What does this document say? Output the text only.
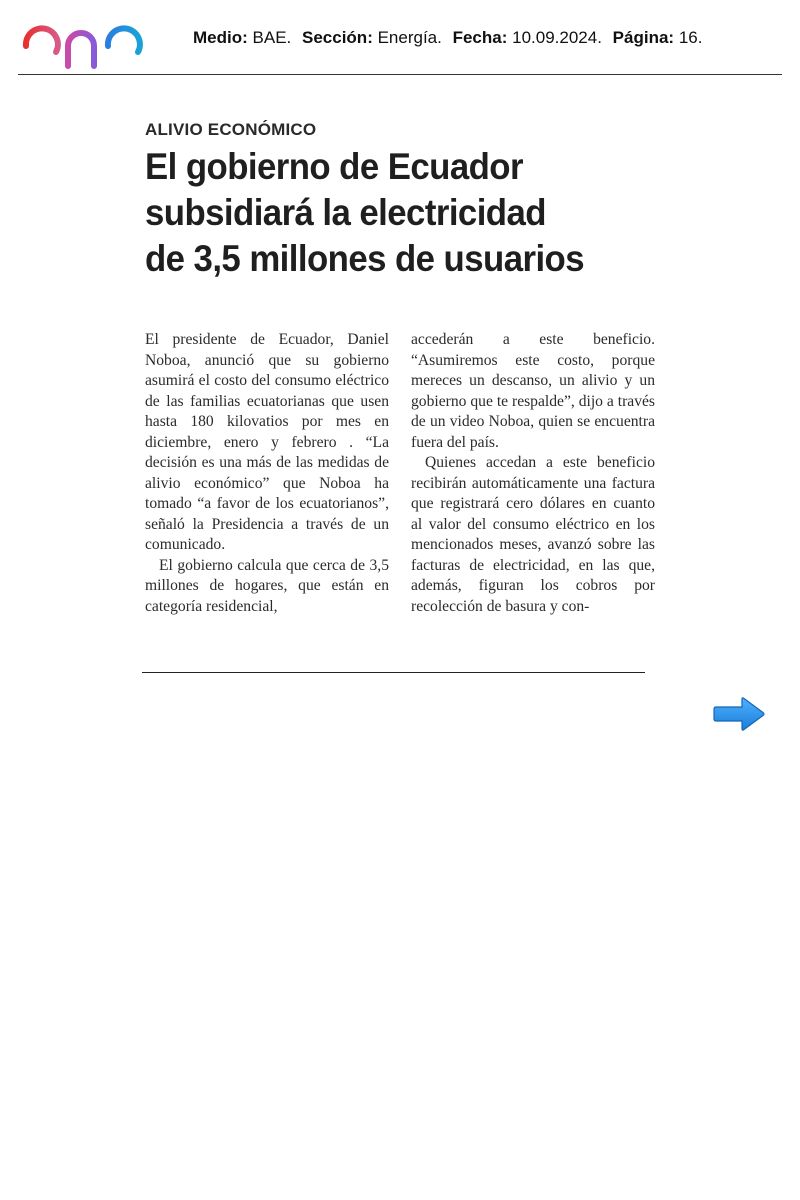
Medio: BAE. Sección: Energía. Fecha: 10.09.2024. Página: 16.

ALIVIO ECONÓMICO

El gobierno de Ecuador
subsidiará la electricidad
de 3,5 millones de usuarios

El presidente de Ecuador, Daniel Noboa, anunció que su gobierno asumirá el costo del consumo eléctrico de las familias ecuatorianas que usen hasta 180 kilovatios por mes en diciembre, enero y febrero . “La decisión es una más de las medidas de alivio económico” que Noboa ha tomado “a favor de los ecuatorianos”, señaló la Presidencia a través de un comunicado.

El gobierno calcula que cerca de 3,5 millones de hogares, que están en categoría residencial,

accederán a este beneficio. “Asumiremos este costo, porque mereces un descanso, un alivio y un gobierno que te respalde”, dijo a través de un video Noboa, quien se encuentra fuera del país.

Quienes accedan a este beneficio recibirán automáticamente una factura que registrará cero dólares en cuanto al valor del consumo eléctrico en los mencionados meses, avanzó sobre las facturas de electricidad, en las que, además, figuran los cobros por recolección de basura y con-
